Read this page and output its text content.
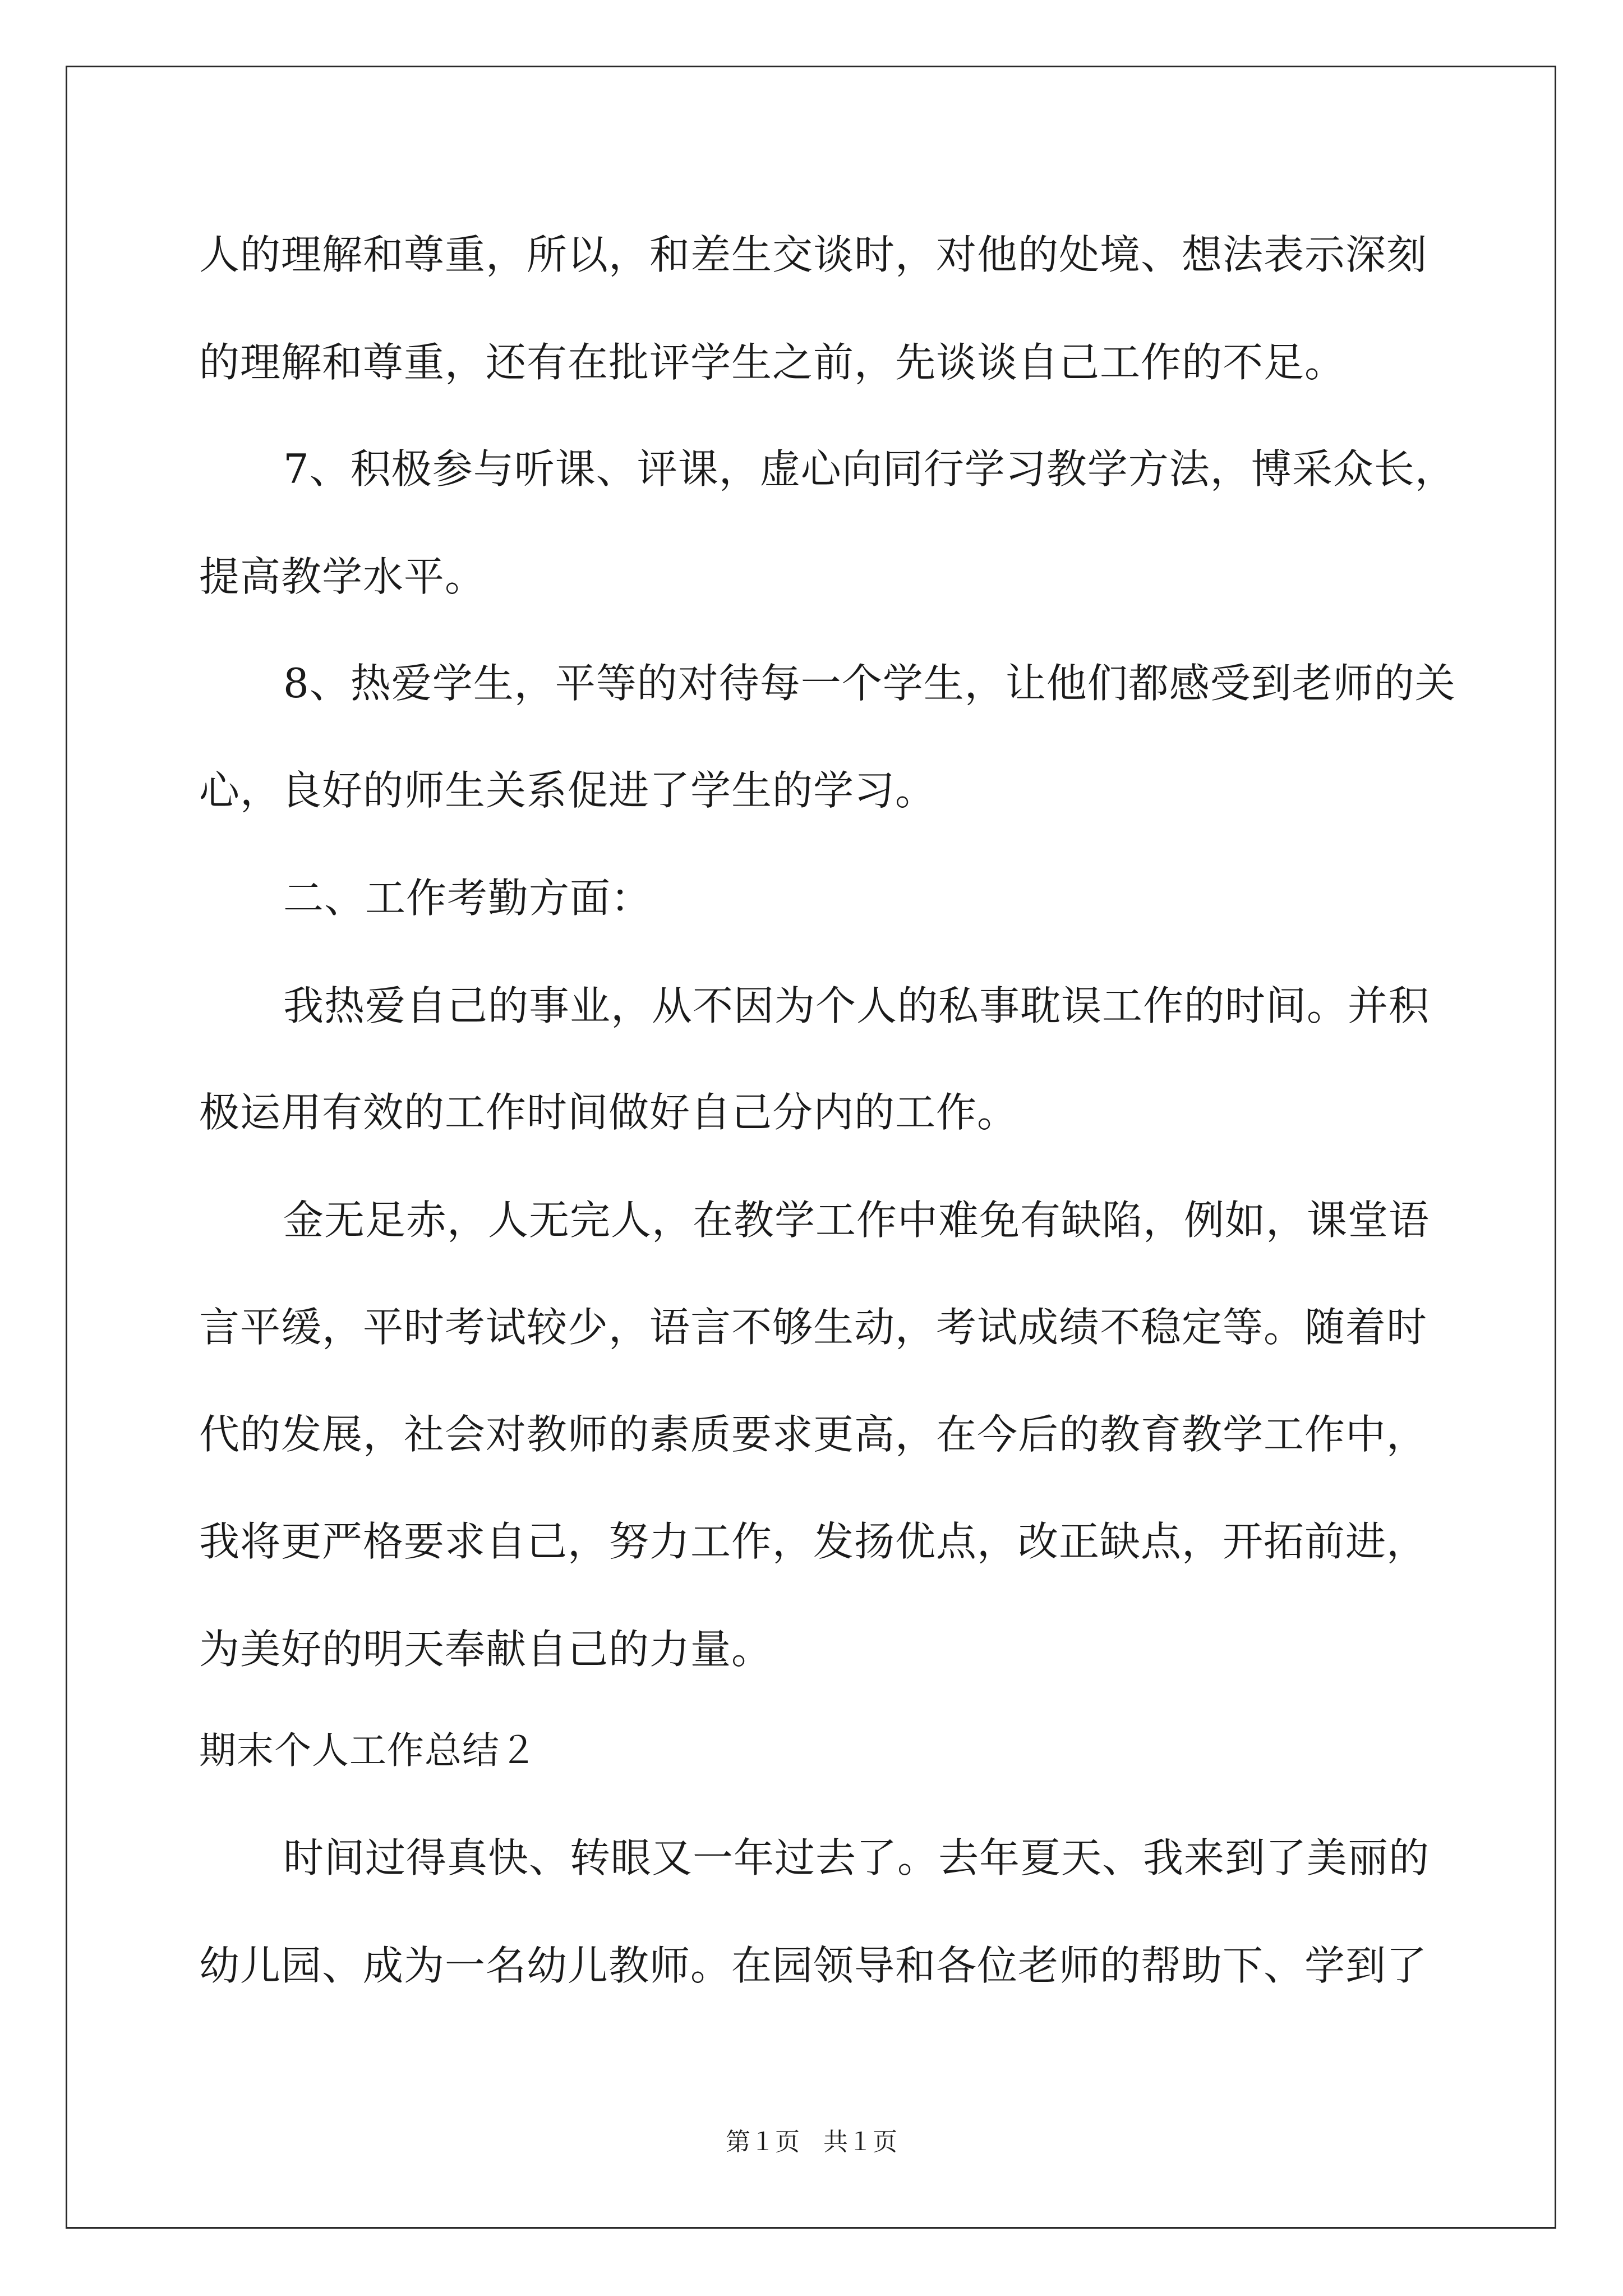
人的理解和尊重，所以，和差生交谈时，对他的处境、想法表示深刻
的理解和尊重，还有在批评学生之前，先谈谈自己工作的不足。
7、积极参与听课、评课，虚心向同行学习教学方法，博采众长，
提高教学水平。
8、热爱学生，平等的对待每一个学生，让他们都感受到老师的关
心，良好的师生关系促进了学生的学习。
二、工作考勤方面：
我热爱自己的事业，从不因为个人的私事耽误工作的时间。并积
极运用有效的工作时间做好自己分内的工作。
金无足赤，人无完人，在教学工作中难免有缺陷，例如，课堂语
言平缓，平时考试较少，语言不够生动，考试成绩不稳定等。随着时
代的发展，社会对教师的素质要求更高，在今后的教育教学工作中，
我将更严格要求自己，努力工作，发扬优点，改正缺点，开拓前进，
为美好的明天奉献自己的力量。
期末个人工作总结２
时间过得真快、转眼又一年过去了。去年夏天、我来到了美丽的
幼儿园、成为一名幼儿教师。在园领导和各位老师的帮助下、学到了
第１页 共１页
